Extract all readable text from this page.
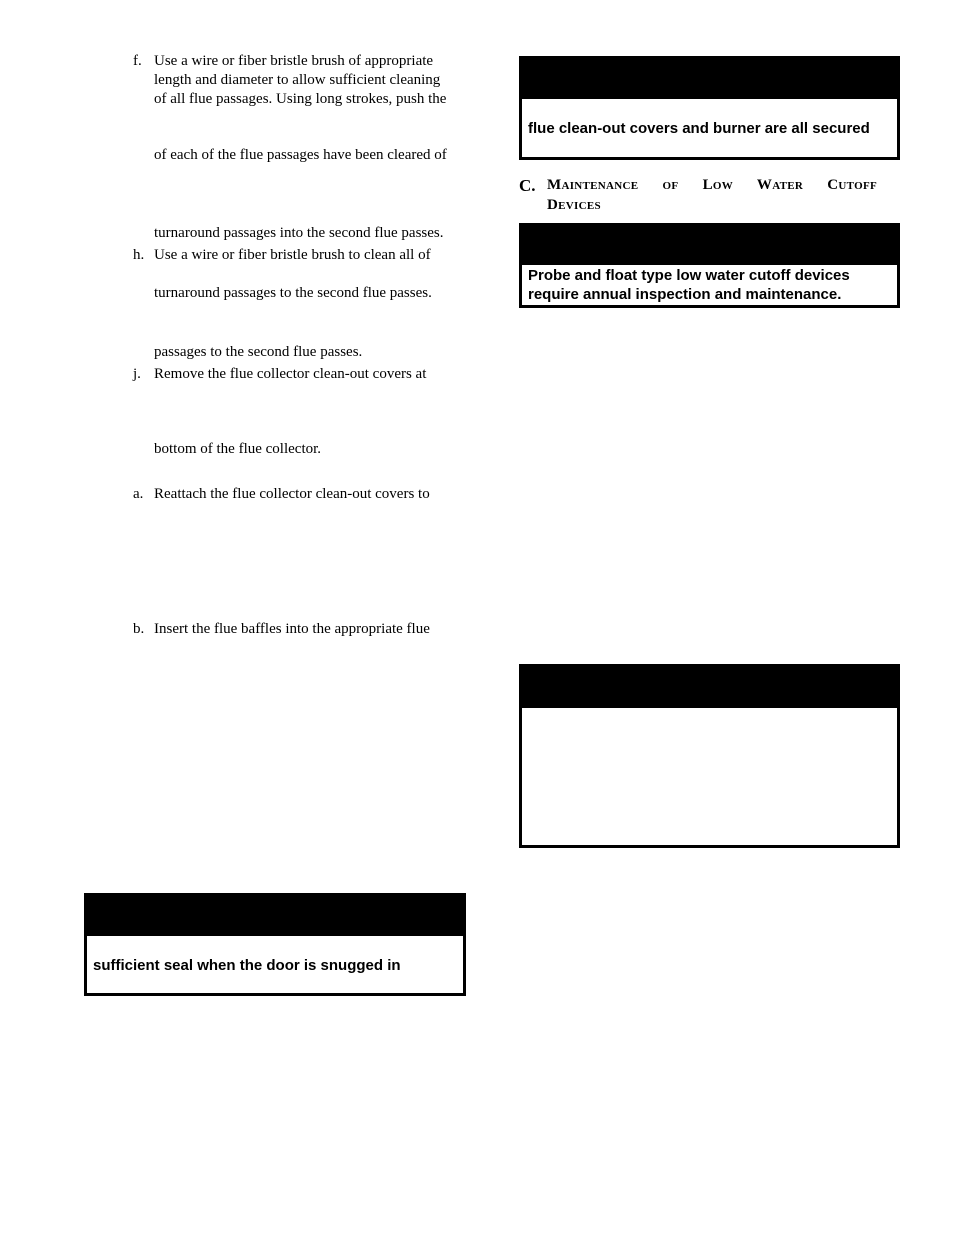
f. Use a wire or fiber bristle brush of appropriate
length and diameter to allow sufficient cleaning
of all flue passages. Using long strokes, push the
of each of the flue passages have been cleared of
turnaround passages into the second flue passes.
h. Use a wire or fiber bristle brush to clean all of
turnaround passages to the second flue passes.
passages to the second flue passes.
j. Remove the flue collector clean-out covers at
bottom of the flue collector.
a. Reattach the flue collector clean-out covers to
b. Insert the flue baffles into the appropriate flue
sufficient seal when the door is snugged in
flue clean-out covers and burner are all secured
C. Maintenance of Low Water Cutoff
Devices
Probe and float type low water cutoff devices
require annual inspection and maintenance.
